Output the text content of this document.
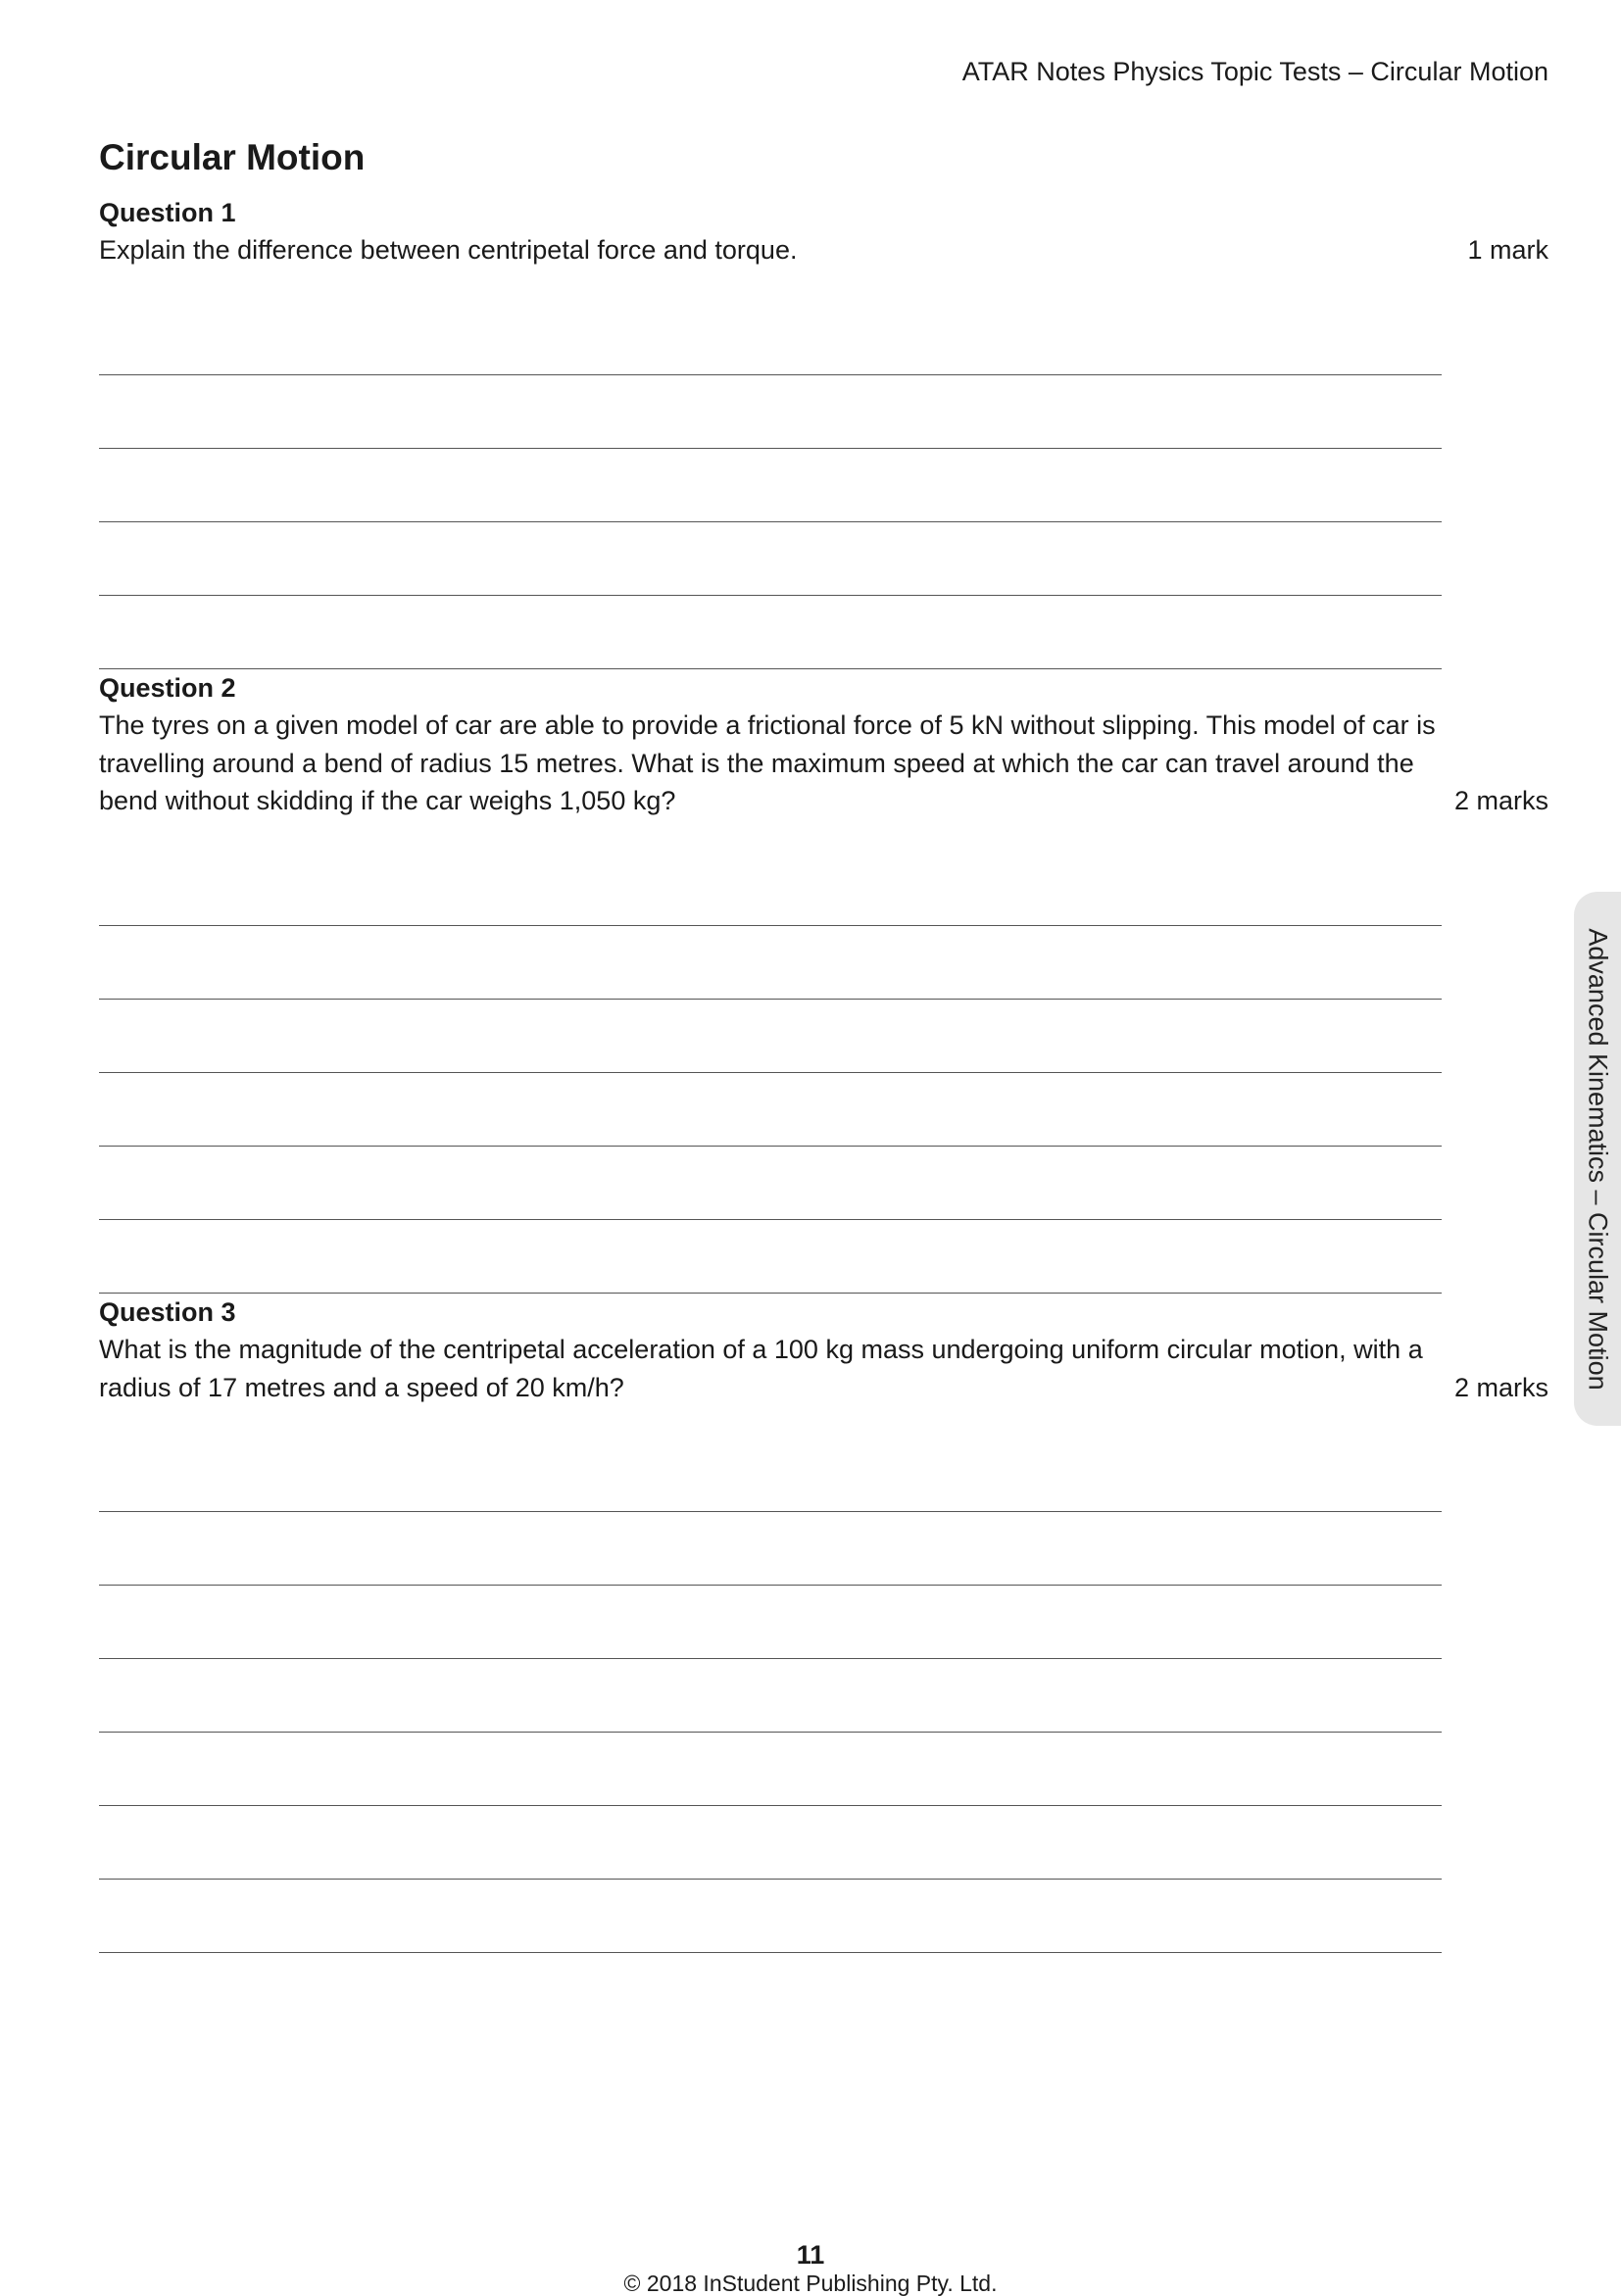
ATAR Notes Physics Topic Tests – Circular Motion
Circular Motion
Question 1
Explain the difference between centripetal force and torque.	1 mark
Question 2
The tyres on a given model of car are able to provide a frictional force of 5 kN without slipping. This model of car is travelling around a bend of radius 15 metres. What is the maximum speed at which the car can travel around the bend without skidding if the car weighs 1,050 kg?	2 marks
Question 3
What is the magnitude of the centripetal acceleration of a 100 kg mass undergoing uniform circular motion, with a radius of 17 metres and a speed of 20 km/h?	2 marks Advanced Kinematics – Circular Motion
11
© 2018 InStudent Publishing Pty. Ltd.
